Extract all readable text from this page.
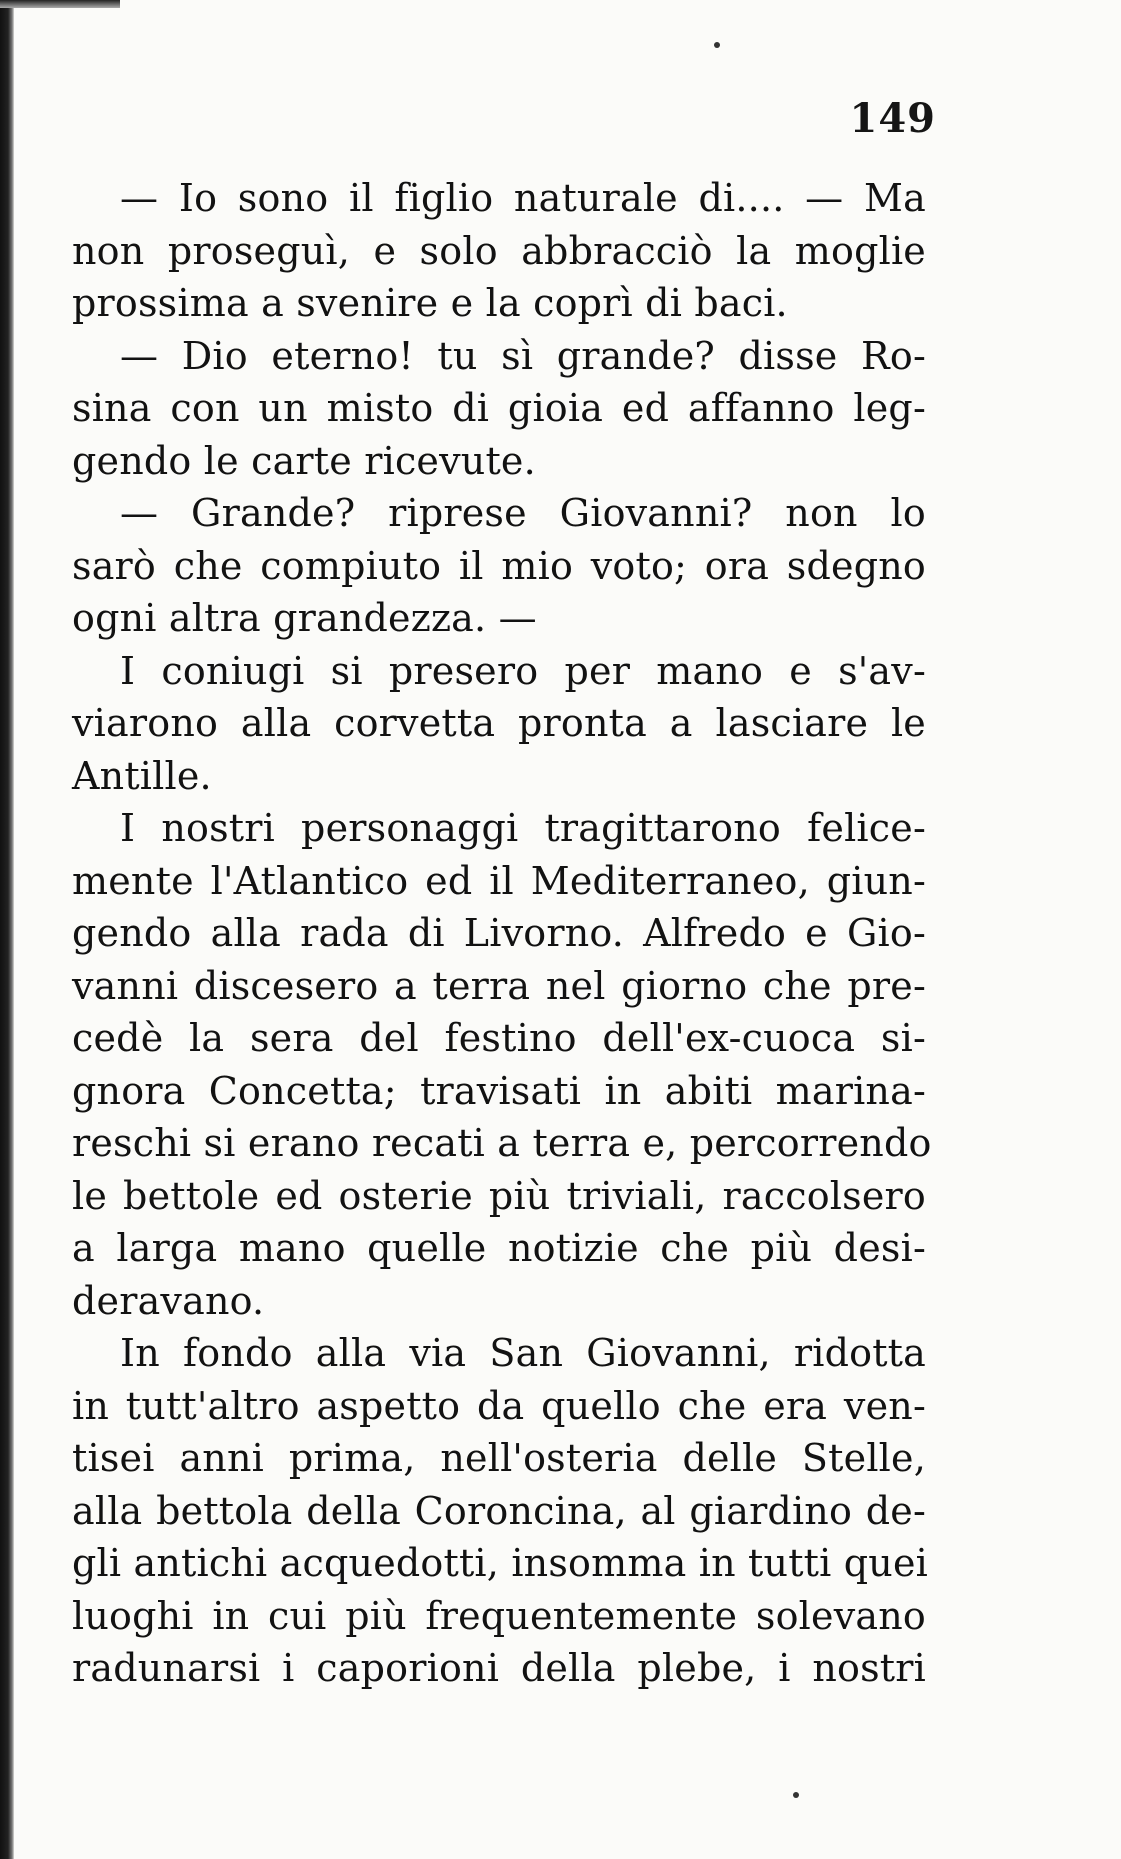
149
— Io sono il figlio naturale di.... — Ma
non proseguì, e solo abbracciò la moglie
prossima a svenire e la coprì di baci.
— Dio eterno! tu sì grande? disse Ro-
sina con un misto di gioia ed affanno leg-
gendo le carte ricevute.
— Grande? riprese Giovanni? non lo
sarò che compiuto il mio voto; ora sdegno
ogni altra grandezza. —
I coniugi si presero per mano e s'av-
viarono alla corvetta pronta a lasciare le
Antille.
I nostri personaggi tragittarono felice-
mente l'Atlantico ed il Mediterraneo, giun-
gendo alla rada di Livorno. Alfredo e Gio-
vanni discesero a terra nel giorno che pre-
cedè la sera del festino dell'ex-cuoca si-
gnora Concetta; travisati in abiti marina-
reschi si erano recati a terra e, percorrendo
le bettole ed osterie più triviali, raccolsero
a larga mano quelle notizie che più desi-
deravano.
In fondo alla via San Giovanni, ridotta
in tutt'altro aspetto da quello che era ven-
tisei anni prima, nell'osteria delle Stelle,
alla bettola della Coroncina, al giardino de-
gli antichi acquedotti, insomma in tutti quei
luoghi in cui più frequentemente solevano
radunarsi i caporioni della plebe, i nostri
